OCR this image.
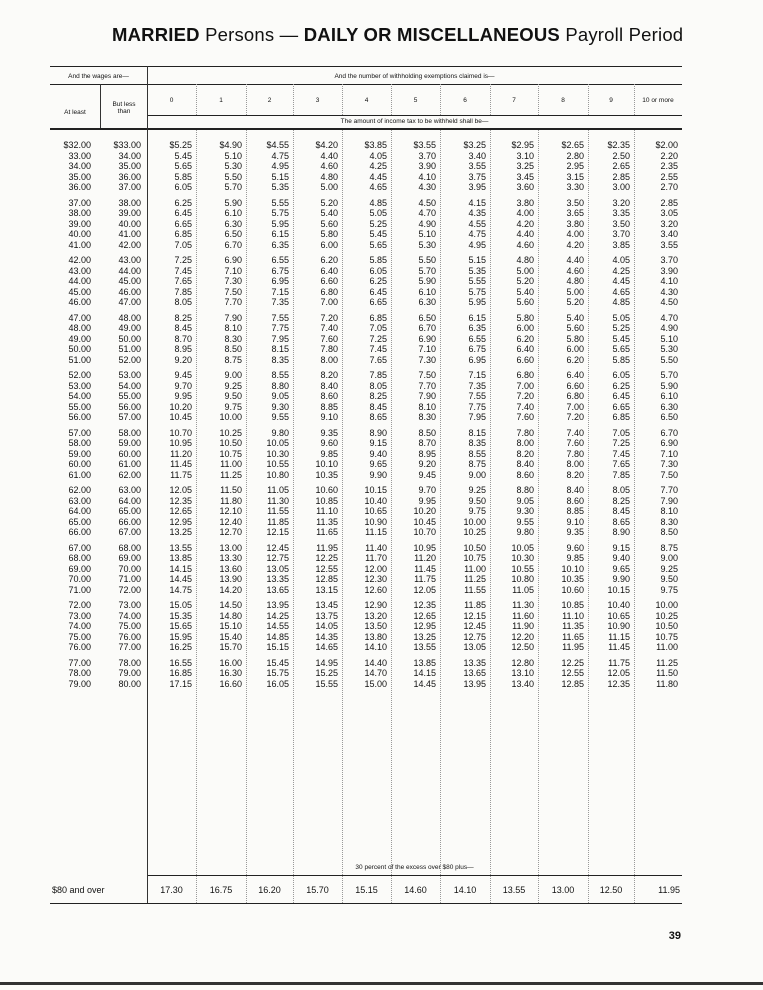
MARRIED Persons — DAILY OR MISCELLANEOUS Payroll Period
And the wages are—	And the number of withholding exemptions claimed is—
At least
But less than
The amount of income tax to be withheld shall be—
0	1	2	3	4	5	6	7	8	9	10 or more
$32.00	$33.00	$5.25	$4.90	$4.55	$4.20	$3.85	$3.55	$3.25	$2.95	$2.65	$2.35	$2.00
33.00	34.00	5.45	5.10	4.75	4.40	4.05	3.70	3.40	3.10	2.80	2.50	2.20
34.00	35.00	5.65	5.30	4.95	4.60	4.25	3.90	3.55	3.25	2.95	2.65	2.35
35.00	36.00	5.85	5.50	5.15	4.80	4.45	4.10	3.75	3.45	3.15	2.85	2.55
36.00	37.00	6.05	5.70	5.35	5.00	4.65	4.30	3.95	3.60	3.30	3.00	2.70
37.00	38.00	6.25	5.90	5.55	5.20	4.85	4.50	4.15	3.80	3.50	3.20	2.85
38.00	39.00	6.45	6.10	5.75	5.40	5.05	4.70	4.35	4.00	3.65	3.35	3.05
39.00	40.00	6.65	6.30	5.95	5.60	5.25	4.90	4.55	4.20	3.80	3.50	3.20
40.00	41.00	6.85	6.50	6.15	5.80	5.45	5.10	4.75	4.40	4.00	3.70	3.40
41.00	42.00	7.05	6.70	6.35	6.00	5.65	5.30	4.95	4.60	4.20	3.85	3.55
42.00	43.00	7.25	6.90	6.55	6.20	5.85	5.50	5.15	4.80	4.40	4.05	3.70
43.00	44.00	7.45	7.10	6.75	6.40	6.05	5.70	5.35	5.00	4.60	4.25	3.90
44.00	45.00	7.65	7.30	6.95	6.60	6.25	5.90	5.55	5.20	4.80	4.45	4.10
45.00	46.00	7.85	7.50	7.15	6.80	6.45	6.10	5.75	5.40	5.00	4.65	4.30
46.00	47.00	8.05	7.70	7.35	7.00	6.65	6.30	5.95	5.60	5.20	4.85	4.50
47.00	48.00	8.25	7.90	7.55	7.20	6.85	6.50	6.15	5.80	5.40	5.05	4.70
48.00	49.00	8.45	8.10	7.75	7.40	7.05	6.70	6.35	6.00	5.60	5.25	4.90
49.00	50.00	8.70	8.30	7.95	7.60	7.25	6.90	6.55	6.20	5.80	5.45	5.10
50.00	51.00	8.95	8.50	8.15	7.80	7.45	7.10	6.75	6.40	6.00	5.65	5.30
51.00	52.00	9.20	8.75	8.35	8.00	7.65	7.30	6.95	6.60	6.20	5.85	5.50
52.00	53.00	9.45	9.00	8.55	8.20	7.85	7.50	7.15	6.80	6.40	6.05	5.70
53.00	54.00	9.70	9.25	8.80	8.40	8.05	7.70	7.35	7.00	6.60	6.25	5.90
54.00	55.00	9.95	9.50	9.05	8.60	8.25	7.90	7.55	7.20	6.80	6.45	6.10
55.00	56.00	10.20	9.75	9.30	8.85	8.45	8.10	7.75	7.40	7.00	6.65	6.30
56.00	57.00	10.45	10.00	9.55	9.10	8.65	8.30	7.95	7.60	7.20	6.85	6.50
57.00	58.00	10.70	10.25	9.80	9.35	8.90	8.50	8.15	7.80	7.40	7.05	6.70
58.00	59.00	10.95	10.50	10.05	9.60	9.15	8.70	8.35	8.00	7.60	7.25	6.90
59.00	60.00	11.20	10.75	10.30	9.85	9.40	8.95	8.55	8.20	7.80	7.45	7.10
60.00	61.00	11.45	11.00	10.55	10.10	9.65	9.20	8.75	8.40	8.00	7.65	7.30
61.00	62.00	11.75	11.25	10.80	10.35	9.90	9.45	9.00	8.60	8.20	7.85	7.50
62.00	63.00	12.05	11.50	11.05	10.60	10.15	9.70	9.25	8.80	8.40	8.05	7.70
63.00	64.00	12.35	11.80	11.30	10.85	10.40	9.95	9.50	9.05	8.60	8.25	7.90
64.00	65.00	12.65	12.10	11.55	11.10	10.65	10.20	9.75	9.30	8.85	8.45	8.10
65.00	66.00	12.95	12.40	11.85	11.35	10.90	10.45	10.00	9.55	9.10	8.65	8.30
66.00	67.00	13.25	12.70	12.15	11.65	11.15	10.70	10.25	9.80	9.35	8.90	8.50
67.00	68.00	13.55	13.00	12.45	11.95	11.40	10.95	10.50	10.05	9.60	9.15	8.75
68.00	69.00	13.85	13.30	12.75	12.25	11.70	11.20	10.75	10.30	9.85	9.40	9.00
69.00	70.00	14.15	13.60	13.05	12.55	12.00	11.45	11.00	10.55	10.10	9.65	9.25
70.00	71.00	14.45	13.90	13.35	12.85	12.30	11.75	11.25	10.80	10.35	9.90	9.50
71.00	72.00	14.75	14.20	13.65	13.15	12.60	12.05	11.55	11.05	10.60	10.15	9.75
72.00	73.00	15.05	14.50	13.95	13.45	12.90	12.35	11.85	11.30	10.85	10.40	10.00
73.00	74.00	15.35	14.80	14.25	13.75	13.20	12.65	12.15	11.60	11.10	10.65	10.25
74.00	75.00	15.65	15.10	14.55	14.05	13.50	12.95	12.45	11.90	11.35	10.90	10.50
75.00	76.00	15.95	15.40	14.85	14.35	13.80	13.25	12.75	12.20	11.65	11.15	10.75
76.00	77.00	16.25	15.70	15.15	14.65	14.10	13.55	13.05	12.50	11.95	11.45	11.00
77.00	78.00	16.55	16.00	15.45	14.95	14.40	13.85	13.35	12.80	12.25	11.75	11.25
78.00	79.00	16.85	16.30	15.75	15.25	14.70	14.15	13.65	13.10	12.55	12.05	11.50
79.00	80.00	17.15	16.60	16.05	15.55	15.00	14.45	13.95	13.40	12.85	12.35	11.80
30 percent of the excess over $80 plus—
$80 and over	17.30	16.75	16.20	15.70	15.15	14.60	14.10	13.55	13.00	12.50	11.95
39
